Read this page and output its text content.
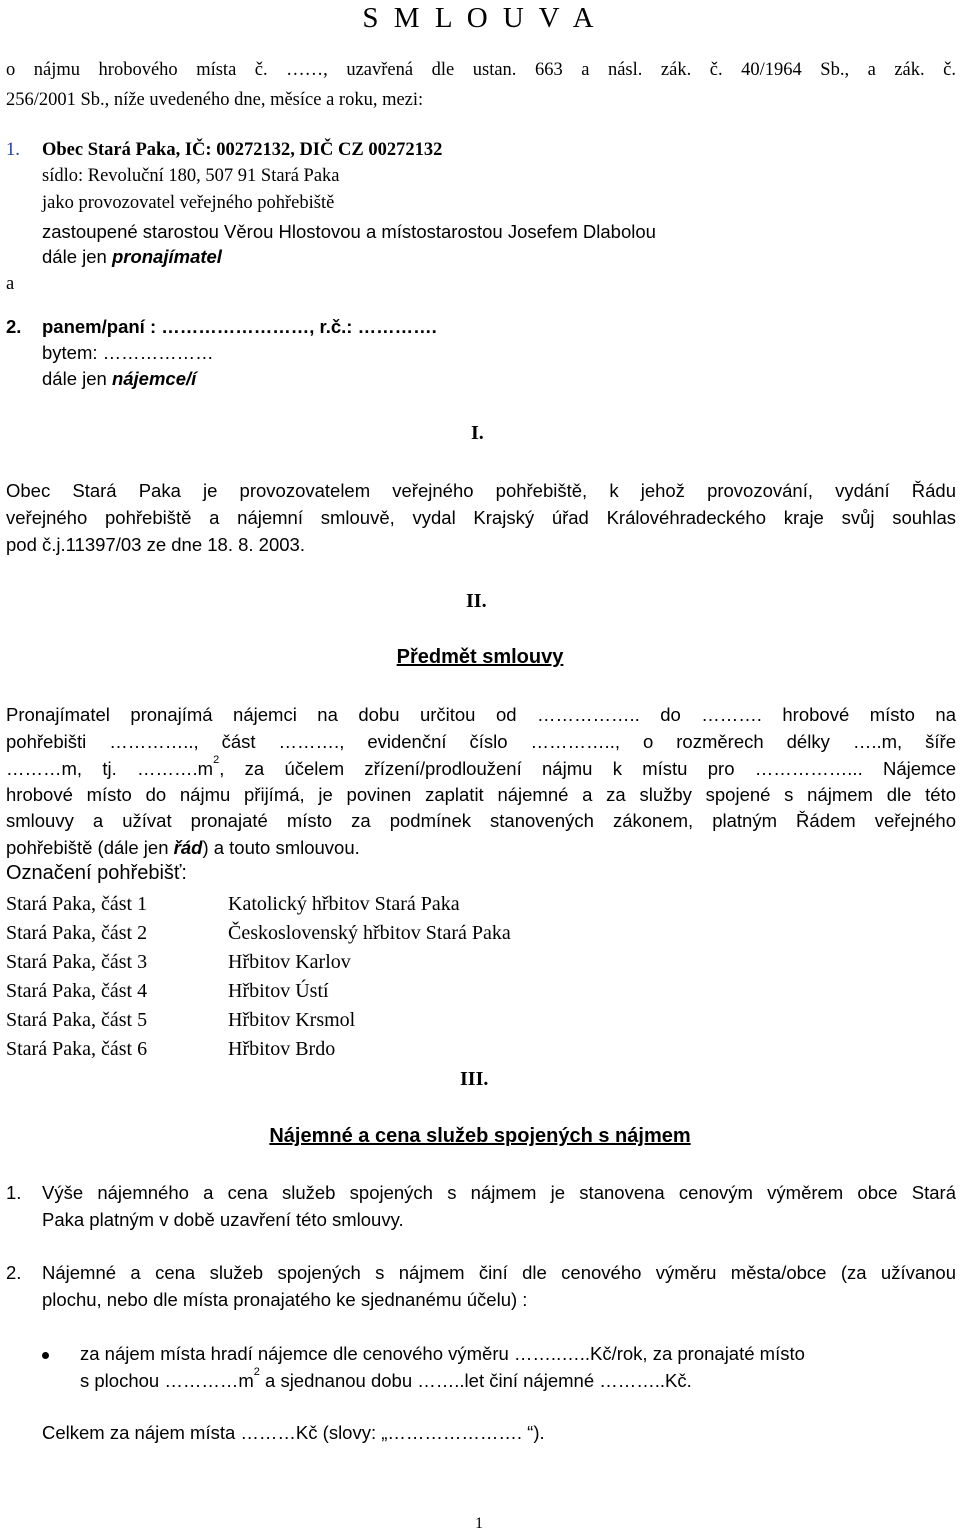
S M L O U V A
o nájmu hrobového místa č. ……, uzavřená dle ustan. 663 a násl. zák. č. 40/1964 Sb., a zák. č.
256/2001 Sb., níže uvedeného dne, měsíce a roku, mezi:
1. Obec Stará Paka, IČ: 00272132, DIČ CZ 00272132
sídlo: Revoluční 180, 507 91 Stará Paka
jako provozovatel veřejného pohřebiště
zastoupené starostou Věrou Hlostovou a místostarostou Josefem Dlabolou
dále jen pronajímatel
a
2. panem/paní : ……………………, r.č.: ………….
bytem: ………………
dále jen nájemce/í
I.
Obec Stará Paka je provozovatelem veřejného pohřebiště, k jehož provozování, vydání Řádu
veřejného pohřebiště a nájemní smlouvě, vydal Krajský úřad Královéhradeckého kraje svůj souhlas
pod č.j.11397/03 ze dne 18. 8. 2003.
II.
Předmět smlouvy
Pronajímatel pronajímá nájemci na dobu určitou od …………….. do ………. hrobové místo na
pohřebišti ………….., část ………., evidenční číslo ………….., o rozměrech délky …..m, šíře
………m, tj. $\dots\dots\dots.m^2$, za účelem zřízení/prodloužení nájmu k místu pro ……………... Nájemce
hrobové místo do nájmu přijímá, je povinen zaplatit nájemné a za služby spojené s nájmem dle této
smlouvy a užívat pronajaté místo za podmínek stanovených zákonem, platným Řádem veřejného
pohřebiště (dále jen řád) a touto smlouvou.
Označení pohřebišť:
Stará Paka, část 1	Katolický hřbitov Stará Paka
Stará Paka, část 2	Československý hřbitov Stará Paka
Stará Paka, část 3	Hřbitov Karlov
Stará Paka, část 4	Hřbitov Ústí
Stará Paka, část 5	Hřbitov Krsmol
Stará Paka, část 6	Hřbitov Brdo
III.
Nájemné a cena služeb spojených s nájmem
1. Výše nájemného a cena služeb spojených s nájmem je stanovena cenovým výměrem obce Stará
Paka platným v době uzavření této smlouvy.
2. Nájemné a cena služeb spojených s nájmem činí dle cenového výměru města/obce (za užívanou
plochu, nebo dle místa pronajatého ke sjednanému účelu) :
za nájem místa hradí nájemce dle cenového výměru ……..…..Kč/rok, za pronajaté místo
s plochou $\dots\dots\dots\dots m^2$ a sjednanou dobu ……..let činí nájemné ………..Kč.
Celkem za nájem místa ………Kč (slovy: „…………………. “).
1
